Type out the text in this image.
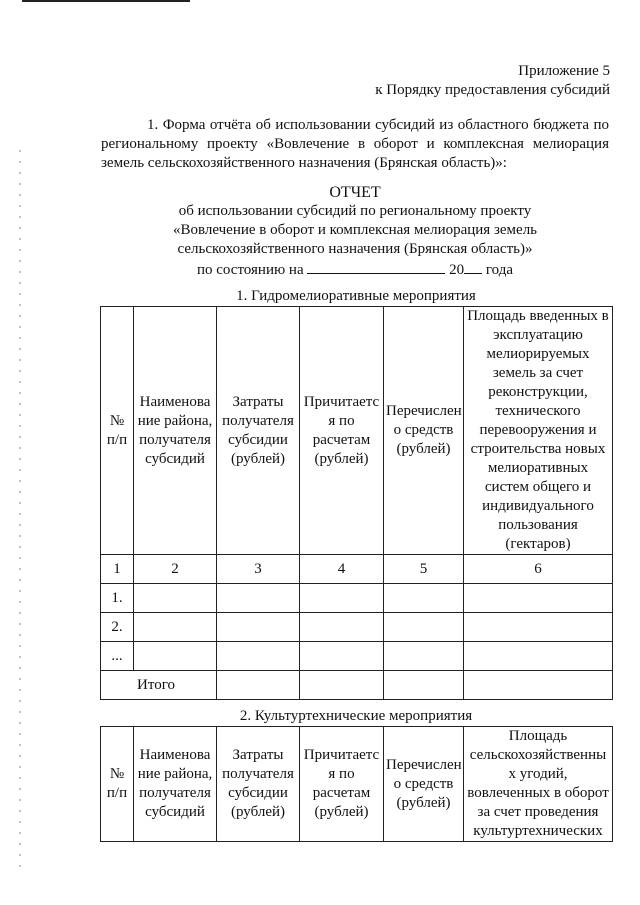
Приложение 5
к Порядку предоставления субсидий
1. Форма отчёта об использовании субсидий из областного бюджета по региональному проекту «Вовлечение в оборот и комплексная мелиорация земель сельскохозяйственного назначения (Брянская область)»:
ОТЧЕТ
об использовании субсидий по региональному проекту
«Вовлечение в оборот и комплексная мелиорация земель
сельскохозяйственного назначения (Брянская область)»
по состоянию на	20 года
1. Гидромелиоративные мероприятия
№ п/п	Наименова ние района, получателя субсидий	Затраты получателя субсидии (рублей)	Причитаетс я по расчетам (рублей)	Перечислен о средств (рублей)	Площадь введенных в эксплуатацию мелиорируемых земель за счет реконструкции, технического перевооружения и строительства новых мелиоративных систем общего и индивидуального пользования (гектаров)
1	2	3	4	5	6
1.					
2.					
...					
Итого					
2. Культуртехнические мероприятия
№ п/п	Наименова ние района, получателя субсидий	Затраты получателя субсидии (рублей)	Причитаетс я по расчетам (рублей)	Перечислен о средств (рублей)	Площадь сельскохозяйственны х угодий, вовлеченных в оборот за счет проведения культуртехнических
